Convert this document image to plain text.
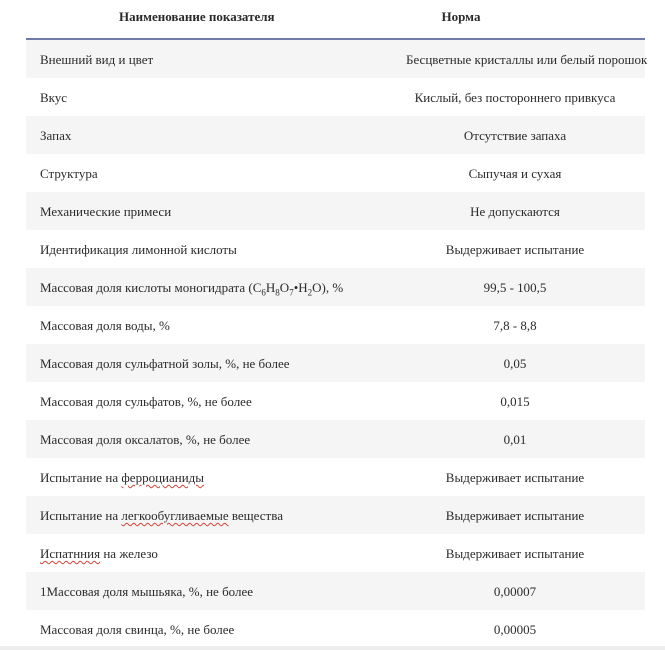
Наименование показателя	Норма
Внешний вид и цвет	Бесцветные кристаллы или белый порошок
Вкус	Кислый, без постороннего привкуса
Запах	Отсутствие запаха
Структура	Сыпучая и сухая
Механические примеси	Не допускаются
Идентификация лимонной кислоты	Выдерживает испытание
Массовая доля кислоты моногидрата $(C_6H_8O_7•H_2O)$, %	99,5 - 100,5
Массовая доля воды, %	7,8 - 8,8
Массовая доля сульфатной золы, %, не более	0,05
Массовая доля сульфатов, %, не более	0,015
Массовая доля оксалатов, %, не более	0,01
Испытание на ферроцианиды	Выдерживает испытание
Испытание на легкообугливаемые вещества	Выдерживает испытание
Испатнния на железо	Выдерживает испытание
1Массовая доля мышьяка, %, не более	0,00007
Массовая доля свинца, %, не более	0,00005
